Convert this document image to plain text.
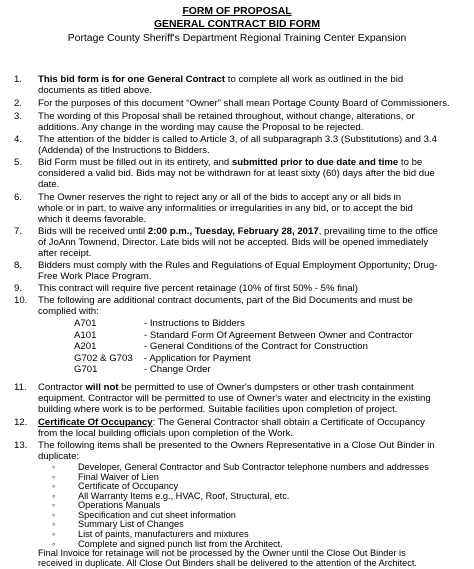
FORM OF PROPOSAL
GENERAL CONTRACT BID FORM
Portage County Sheriff's Department Regional Training Center Expansion
1.	This bid form is for one General Contract to complete all work as outlined in the bid
documents as titled above.
2.	For the purposes of this document “Owner” shall mean Portage County Board of Commissioners.
3.	The wording of this Proposal shall be retained throughout, without change, alterations, or
additions. Any change in the wording may cause the Proposal to be rejected.
4.	The attention of the bidder is called to Article 3, of all subparagraph 3.3 (Substitutions) and 3.4
(Addenda) of the Instructions to Bidders.
5.	Bid Form must be filled out in its entirety, and submitted prior to due date and time to be
considered a valid bid. Bids may not be withdrawn for at least sixty (60) days after the bid due
date.
6.	The Owner reserves the right to reject any or all of the bids to accept any or all bids in
whole or in part, to waive any informalities or irregularities in any bid, or to accept the bid
which it deems favorable.
7.	Bids will be received until 2:00 p.m., Tuesday, February 28, 2017, prevailing time to the office
of JoAnn Townend, Director. Late bids will not be accepted. Bids will be opened immediately
after receipt.
8.	Bidders must comply with the Rules and Regulations of Equal Employment Opportunity; Drug-
Free Work Place Program.
9.	This contract will require five percent retainage (10% of first 50% - 5% final)
10.	The following are additional contract documents, part of the Bid Documents and must be
complied with:
A701	- Instructions to Bidders
A101	- Standard Form Of Agreement Between Owner and Contractor
A201	- General Conditions of the Contract for Construction
G702 & G703 - Application for Payment
G701	- Change Order
11.	Contractor will not be permitted to use of Owner's dumpsters or other trash containment
equipment. Contractor will be permitted to use of Owner's water and electricity in the existing
building where work is to be performed. Suitable facilities upon completion of project.
12.	Certificate Of Occupancy: The General Contractor shall obtain a Certificate of Occupancy
from the local building officials upon completion of the Work.
13.	The following items shall be presented to the Owners Representative in a Close Out Binder in
duplicate:
◦	Developer, General Contractor and Sub Contractor telephone numbers and addresses
◦	Final Waiver of Lien
◦	Certificate of Occupancy
◦	All Warranty Items e.g., HVAC, Roof, Structural, etc.
◦	Operations Manuals
◦	Specification and cut sheet information
◦	Summary List of Changes
◦	List of paints, manufacturers and mixtures
◦	Complete and signed punch list from the Architect.
Final Invoice for retainage will not be processed by the Owner until the Close Out Binder is
received in duplicate. All Close Out Binders shall be delivered to the attention of the Architect.
